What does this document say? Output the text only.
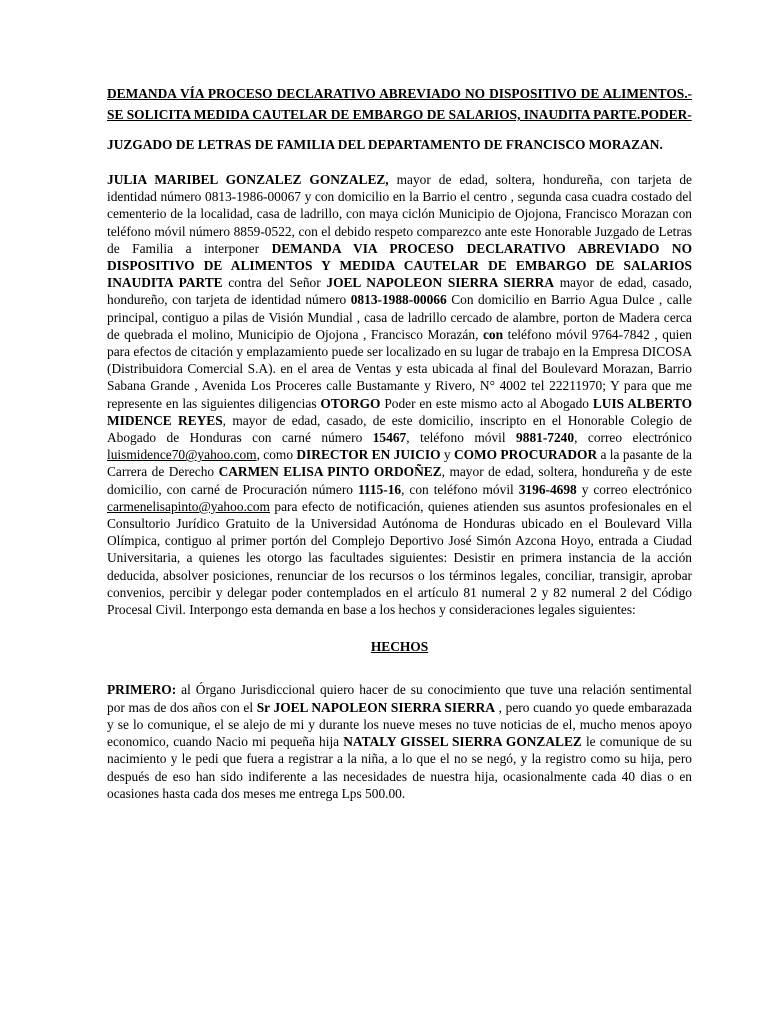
DEMANDA VÍA PROCESO DECLARATIVO ABREVIADO NO DISPOSITIVO DE ALIMENTOS.-SE SOLICITA MEDIDA CAUTELAR DE EMBARGO DE SALARIOS, INAUDITA PARTE.PODER-

JUZGADO DE LETRAS DE FAMILIA DEL DEPARTAMENTO DE FRANCISCO MORAZAN.

JULIA MARIBEL GONZALEZ GONZALEZ, mayor de edad, soltera, hondureña, con tarjeta de identidad número 0813-1986-00067 y con domicilio en la Barrio el centro , segunda casa cuadra costado del cementerio de la localidad, casa de ladrillo, con maya ciclón Municipio de Ojojona, Francisco Morazan con teléfono móvil número 8859-0522, con el debido respeto comparezco ante este Honorable Juzgado de Letras de Familia a interponer DEMANDA VIA PROCESO DECLARATIVO ABREVIADO NO DISPOSITIVO DE ALIMENTOS Y MEDIDA CAUTELAR DE EMBARGO DE SALARIOS INAUDITA PARTE contra del Señor JOEL NAPOLEON SIERRA SIERRA mayor de edad, casado, hondureño, con tarjeta de identidad número 0813-1988-00066 Con domicilio en Barrio Agua Dulce , calle principal, contiguo a pilas de Visión Mundial , casa de ladrillo cercado de alambre, porton de Madera cerca de quebrada el molino, Municipio de Ojojona , Francisco Morazán, con teléfono móvil 9764-7842 , quien para efectos de citación y emplazamiento puede ser localizado en su lugar de trabajo en la Empresa DICOSA (Distribuidora Comercial S.A). en el area de Ventas y esta ubicada al final del Boulevard Morazan, Barrio Sabana Grande , Avenida Los Proceres calle Bustamante y Rivero, N° 4002 tel 22211970; Y para que me represente en las siguientes diligencias OTORGO Poder en este mismo acto al Abogado LUIS ALBERTO MIDENCE REYES, mayor de edad, casado, de este domicilio, inscripto en el Honorable Colegio de Abogado de Honduras con carné número 15467, teléfono móvil 9881-7240, correo electrónico luismidence70@yahoo.com, como DIRECTOR EN JUICIO y COMO PROCURADOR a la pasante de la Carrera de Derecho CARMEN ELISA PINTO ORDOÑEZ, mayor de edad, soltera, hondureña y de este domicilio, con carné de Procuración número 1115-16, con teléfono móvil 3196-4698 y correo electrónico carmenelisapinto@yahoo.com para efecto de notificación, quienes atienden sus asuntos profesionales en el Consultorio Jurídico Gratuito de la Universidad Autónoma de Honduras ubicado en el Boulevard Villa Olímpica, contiguo al primer portón del Complejo Deportivo José Simón Azcona Hoyo, entrada a Ciudad Universitaria, a quienes les otorgo las facultades siguientes: Desistir en primera instancia de la acción deducida, absolver posiciones, renunciar de los recursos o los términos legales, conciliar, transigir, aprobar convenios, percibir y delegar poder contemplados en el artículo 81 numeral 2 y 82 numeral 2 del Código Procesal Civil. Interpongo esta demanda en base a los hechos y consideraciones legales siguientes:

HECHOS

PRIMERO: al Órgano Jurisdiccional quiero hacer de su conocimiento que tuve una relación sentimental por mas de dos años con el Sr JOEL NAPOLEON SIERRA SIERRA , pero cuando yo quede embarazada y se lo comunique, el se alejo de mi y durante los nueve meses no tuve noticias de el, mucho menos apoyo economico, cuando Nacio mi pequeña hija NATALY GISSEL SIERRA GONZALEZ le comunique de su nacimiento y le pedi que fuera a registrar a la niña, a lo que el no se negó, y la registro como su hija, pero después de eso han sido indiferente a las necesidades de nuestra hija, ocasionalmente cada 40 dias o en ocasiones hasta cada dos meses me entrega Lps 500.00.
